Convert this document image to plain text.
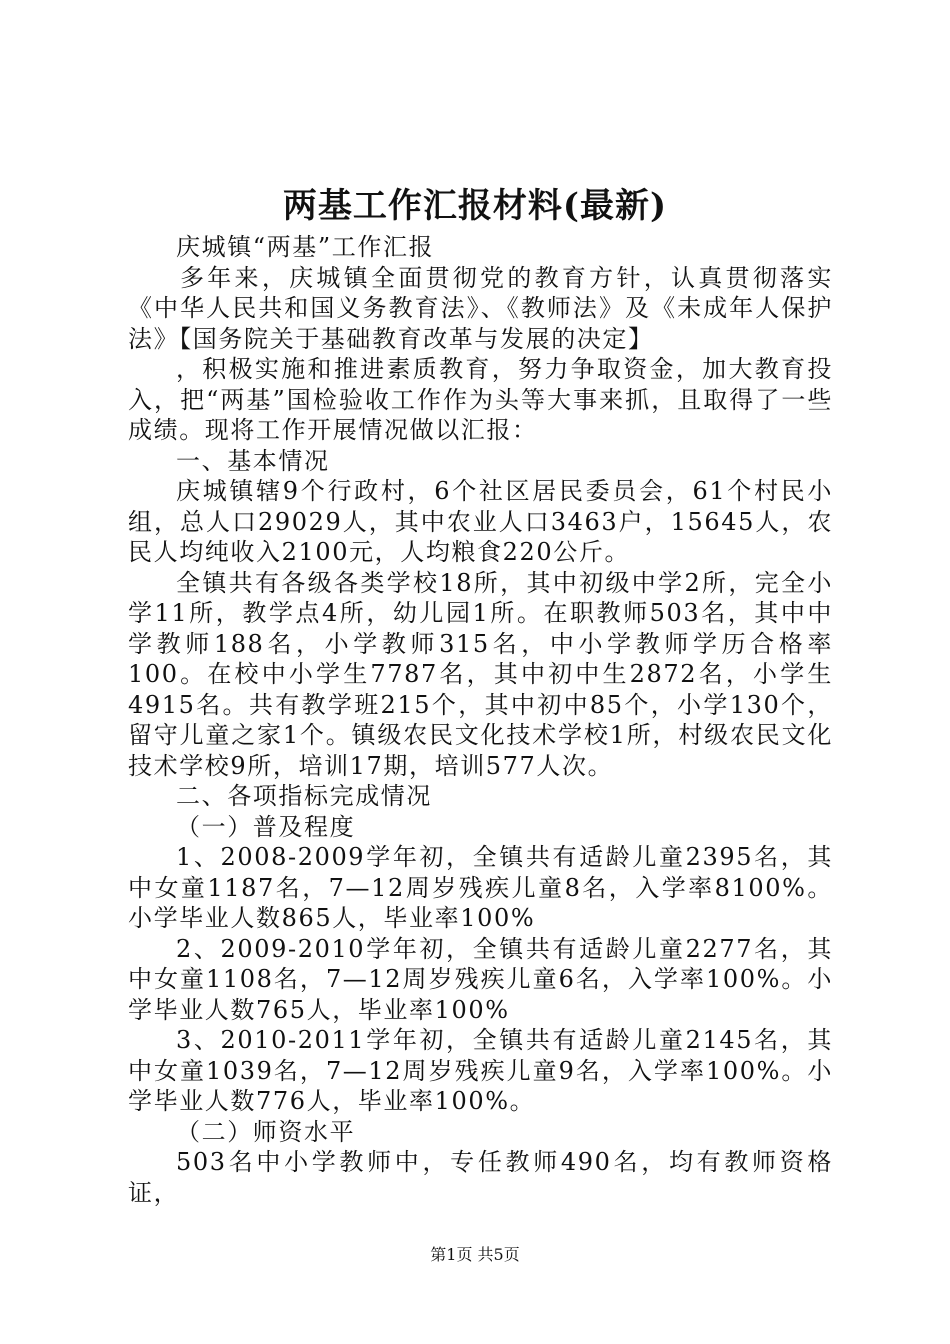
两基工作汇报材料(最新)

庆城镇“两基”工作汇报

多年来，庆城镇全面贯彻党的教育方针，认真贯彻落实《中华人民共和国义务教育法》、《教师法》及《未成年人保护法》【国务院关于基础教育改革与发展的决定】

，积极实施和推进素质教育，努力争取资金，加大教育投入，把“两基”国检验收工作作为头等大事来抓，且取得了一些成绩。现将工作开展情况做以汇报：

一、基本情况

庆城镇辖9个行政村，6个社区居民委员会，61个村民小组，总人口29029人，其中农业人口3463户，15645人，农民人均纯收入2100元，人均粮食220公斤。

全镇共有各级各类学校18所，其中初级中学2所，完全小学11所，教学点4所，幼儿园1所。在职教师503名，其中中学教师188名，小学教师315名，中小学教师学历合格率100。在校中小学生7787名，其中初中生2872名，小学生4915名。共有教学班215个，其中初中85个，小学130个，留守儿童之家1个。镇级农民文化技术学校1所，村级农民文化技术学校9所，培训17期，培训577人次。

二、各项指标完成情况

（一）普及程度

1、2008-2009学年初，全镇共有适龄儿童2395名，其中女童1187名，7—12周岁残疾儿童8名，入学率8100%。小学毕业人数865人，毕业率100%

2、2009-2010学年初，全镇共有适龄儿童2277名，其中女童1108名，7—12周岁残疾儿童6名，入学率100%。小学毕业人数765人，毕业率100%

3、2010-2011学年初，全镇共有适龄儿童2145名，其中女童1039名，7—12周岁残疾儿童9名，入学率100%。小学毕业人数776人，毕业率100%。

（二）师资水平

503名中小学教师中，专任教师490名，均有教师资格证，

第1页 共5页
